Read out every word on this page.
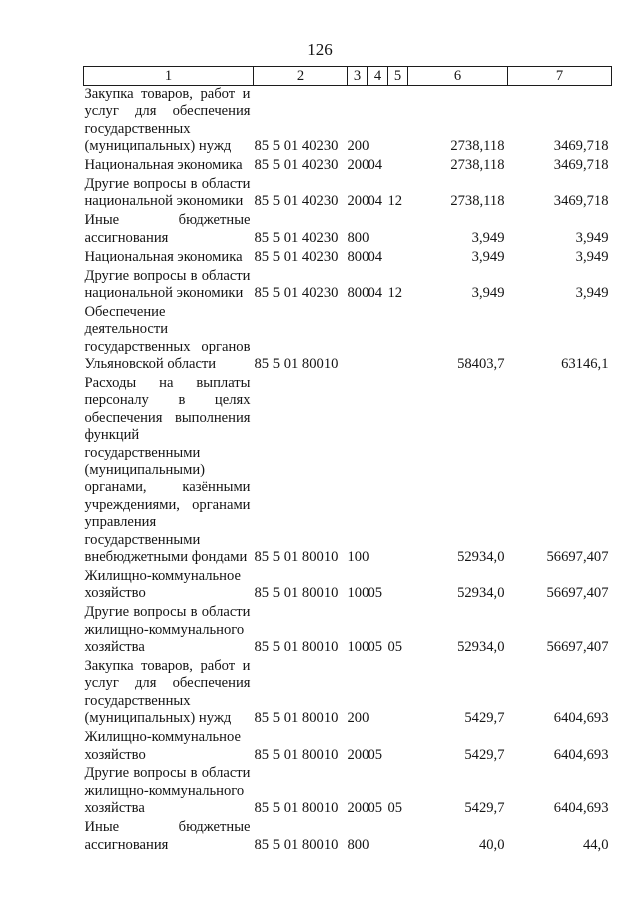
126
1	2	3	4	5	6	7
Закупка товаров, работ и услуг для обеспечения государственных (муниципальных) нужд	85 5 01 40230	200			2738,118	3469,718
Национальная экономика	85 5 01 40230	200	04		2738,118	3469,718
Другие вопросы в области национальной экономики	85 5 01 40230	200	04	12	2738,118	3469,718
Иные бюджетные ассигнования	85 5 01 40230	800			3,949	3,949
Национальная экономика	85 5 01 40230	800	04		3,949	3,949
Другие вопросы в области национальной экономики	85 5 01 40230	800	04	12	3,949	3,949
Обеспечение деятельности государственных органов Ульяновской области	85 5 01 80010				58403,7	63146,1
Расходы на выплаты персоналу в целях обеспечения выполнения функций государственными (муниципальными) органами, казёнными учреждениями, органами управления государственными внебюджетными фондами	85 5 01 80010	100			52934,0	56697,407
Жилищно-коммунальное хозяйство	85 5 01 80010	100	05		52934,0	56697,407
Другие вопросы в области жилищно-коммунального хозяйства	85 5 01 80010	100	05	05	52934,0	56697,407
Закупка товаров, работ и услуг для обеспечения государственных (муниципальных) нужд	85 5 01 80010	200			5429,7	6404,693
Жилищно-коммунальное хозяйство	85 5 01 80010	200	05		5429,7	6404,693
Другие вопросы в области жилищно-коммунального хозяйства	85 5 01 80010	200	05	05	5429,7	6404,693
Иные бюджетные ассигнования	85 5 01 80010	800			40,0	44,0
